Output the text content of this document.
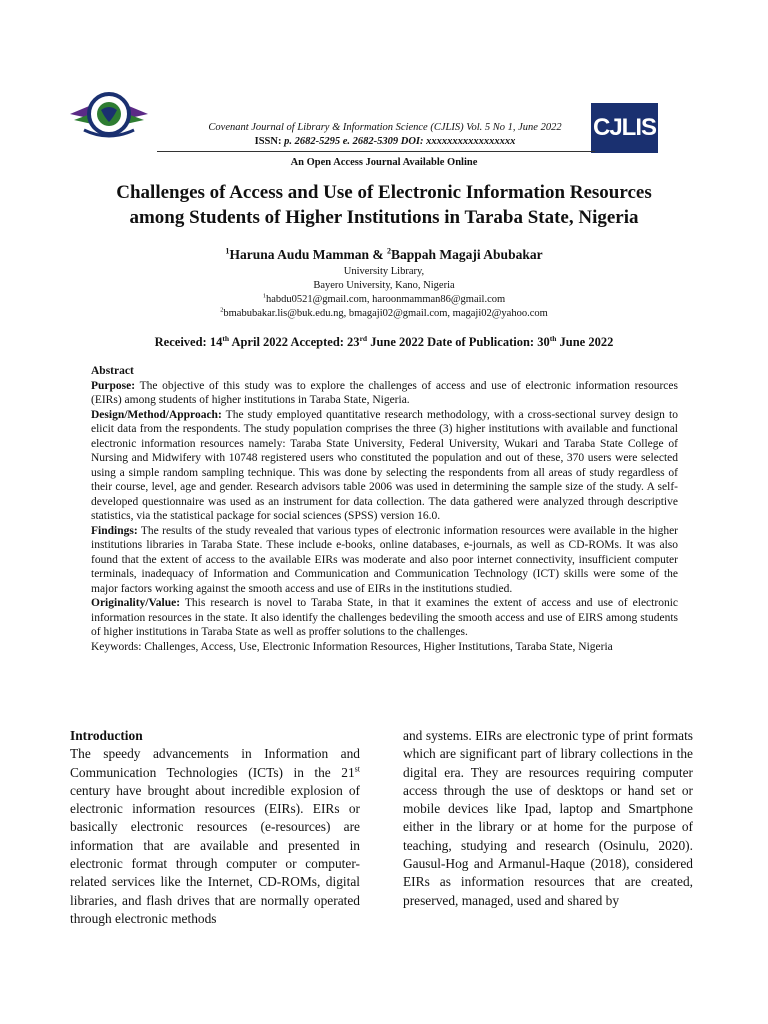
CJLIS
Covenant Journal of Library & Information Science (CJLIS) Vol. 5 No 1, June 2022
ISSN: p. 2682-5295 e. 2682-5309 DOI: xxxxxxxxxxxxxxxxx
An Open Access Journal Available Online
Challenges of Access and Use of Electronic Information Resources
among Students of Higher Institutions in Taraba State, Nigeria
$^1$Haruna Audu Mamman & $^2$Bappah Magaji Abubakar
University Library,
Bayero University, Kano, Nigeria
$^1$habdu0521@gmail.com, haroonmamman86@gmail.com
$^2$bmabubakar.lis@buk.edu.ng, bmagaji02@gmail.com, magaji02@yahoo.com
Received: 14th April 2022 Accepted: 23rd June 2022 Date of Publication: 30th June 2022

Abstract

Purpose: The objective of this study was to explore the challenges of access and use of electronic information resources (EIRs) among students of higher institutions in Taraba State, Nigeria.

Design/Method/Approach: The study employed quantitative research methodology, with a cross-sectional survey design to elicit data from the respondents. The study population comprises the three (3) higher institutions with available and functional electronic information resources namely: Taraba State University, Federal University, Wukari and Taraba State College of Nursing and Midwifery with 10748 registered users who constituted the population and out of these, 370 users were selected using a simple random sampling technique. This was done by selecting the respondents from all areas of study regardless of their course, level, age and gender. Research advisors table 2006 was used in determining the sample size of the study. A self-developed questionnaire was used as an instrument for data collection. The data gathered were analyzed through descriptive statistics, via the statistical package for social sciences (SPSS) version 16.0.

Findings: The results of the study revealed that various types of electronic information resources were available in the higher institutions libraries in Taraba State. These include e-books, online databases, e-journals, as well as CD-ROMs. It was also found that the extent of access to the available EIRs was moderate and also poor internet connectivity, insufficient computer terminals, inadequacy of Information and Communication and Communication Technology (ICT) skills were some of the major factors working against the smooth access and use of EIRs in the institutions studied.

Originality/Value: This research is novel to Taraba State, in that it examines the extent of access and use of electronic information resources in the state. It also identify the challenges bedeviling the smooth access and use of EIRS among students of higher institutions in Taraba State as well as proffer solutions to the challenges.

Keywords: Challenges, Access, Use, Electronic Information Resources, Higher Institutions, Taraba State, Nigeria

Introduction

The speedy advancements in Information and Communication Technologies (ICTs) in the 21st century have brought about incredible explosion of electronic information resources (EIRs). EIRs or basically electronic resources (e-resources) are information that are available and presented in electronic format through computer or computer-related services like the Internet, CD-ROMs, digital libraries, and flash drives that are normally operated through electronic methods

and systems. EIRs are electronic type of print formats which are significant part of library collections in the digital era. They are resources requiring computer access through the use of desktops or hand set or mobile devices like Ipad, laptop and Smartphone either in the library or at home for the purpose of teaching, studying and research (Osinulu, 2020). Gausul-Hog and Armanul-Haque (2018), considered EIRs as information resources that are created, preserved, managed, used and shared by
